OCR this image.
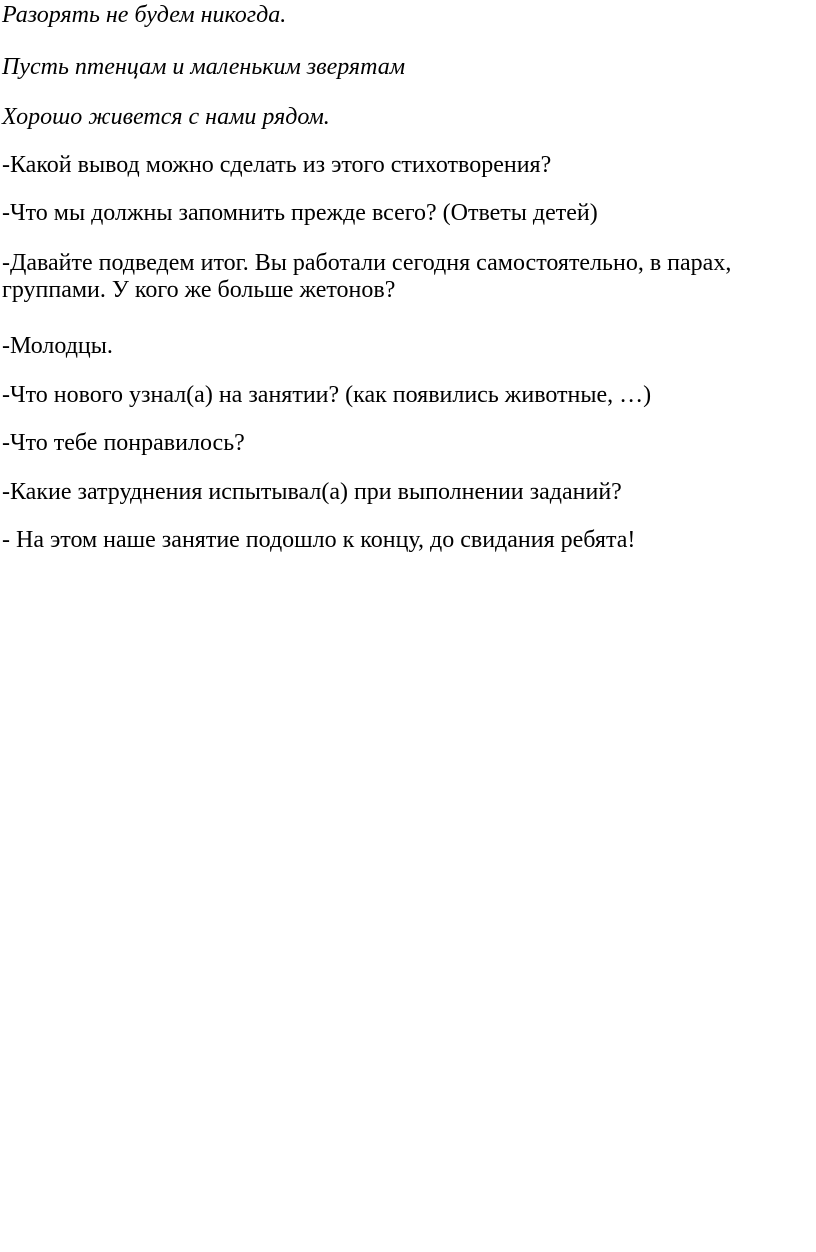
Разорять не будем никогда.

Пусть птенцам и маленьким зверятам

Хорошо живется с нами рядом.

-Какой вывод можно сделать из этого стихотворения?

-Что мы должны запомнить прежде всего? (Ответы детей)

-Давайте подведем итог. Вы работали сегодня самостоятельно, в парах, группами. У кого же больше жетонов?

-Молодцы.

-Что нового узнал(а) на занятии? (как появились животные, …)

-Что тебе понравилось?

-Какие затруднения испытывал(а) при выполнении заданий?

- На этом наше занятие подошло к концу, до свидания ребята!
